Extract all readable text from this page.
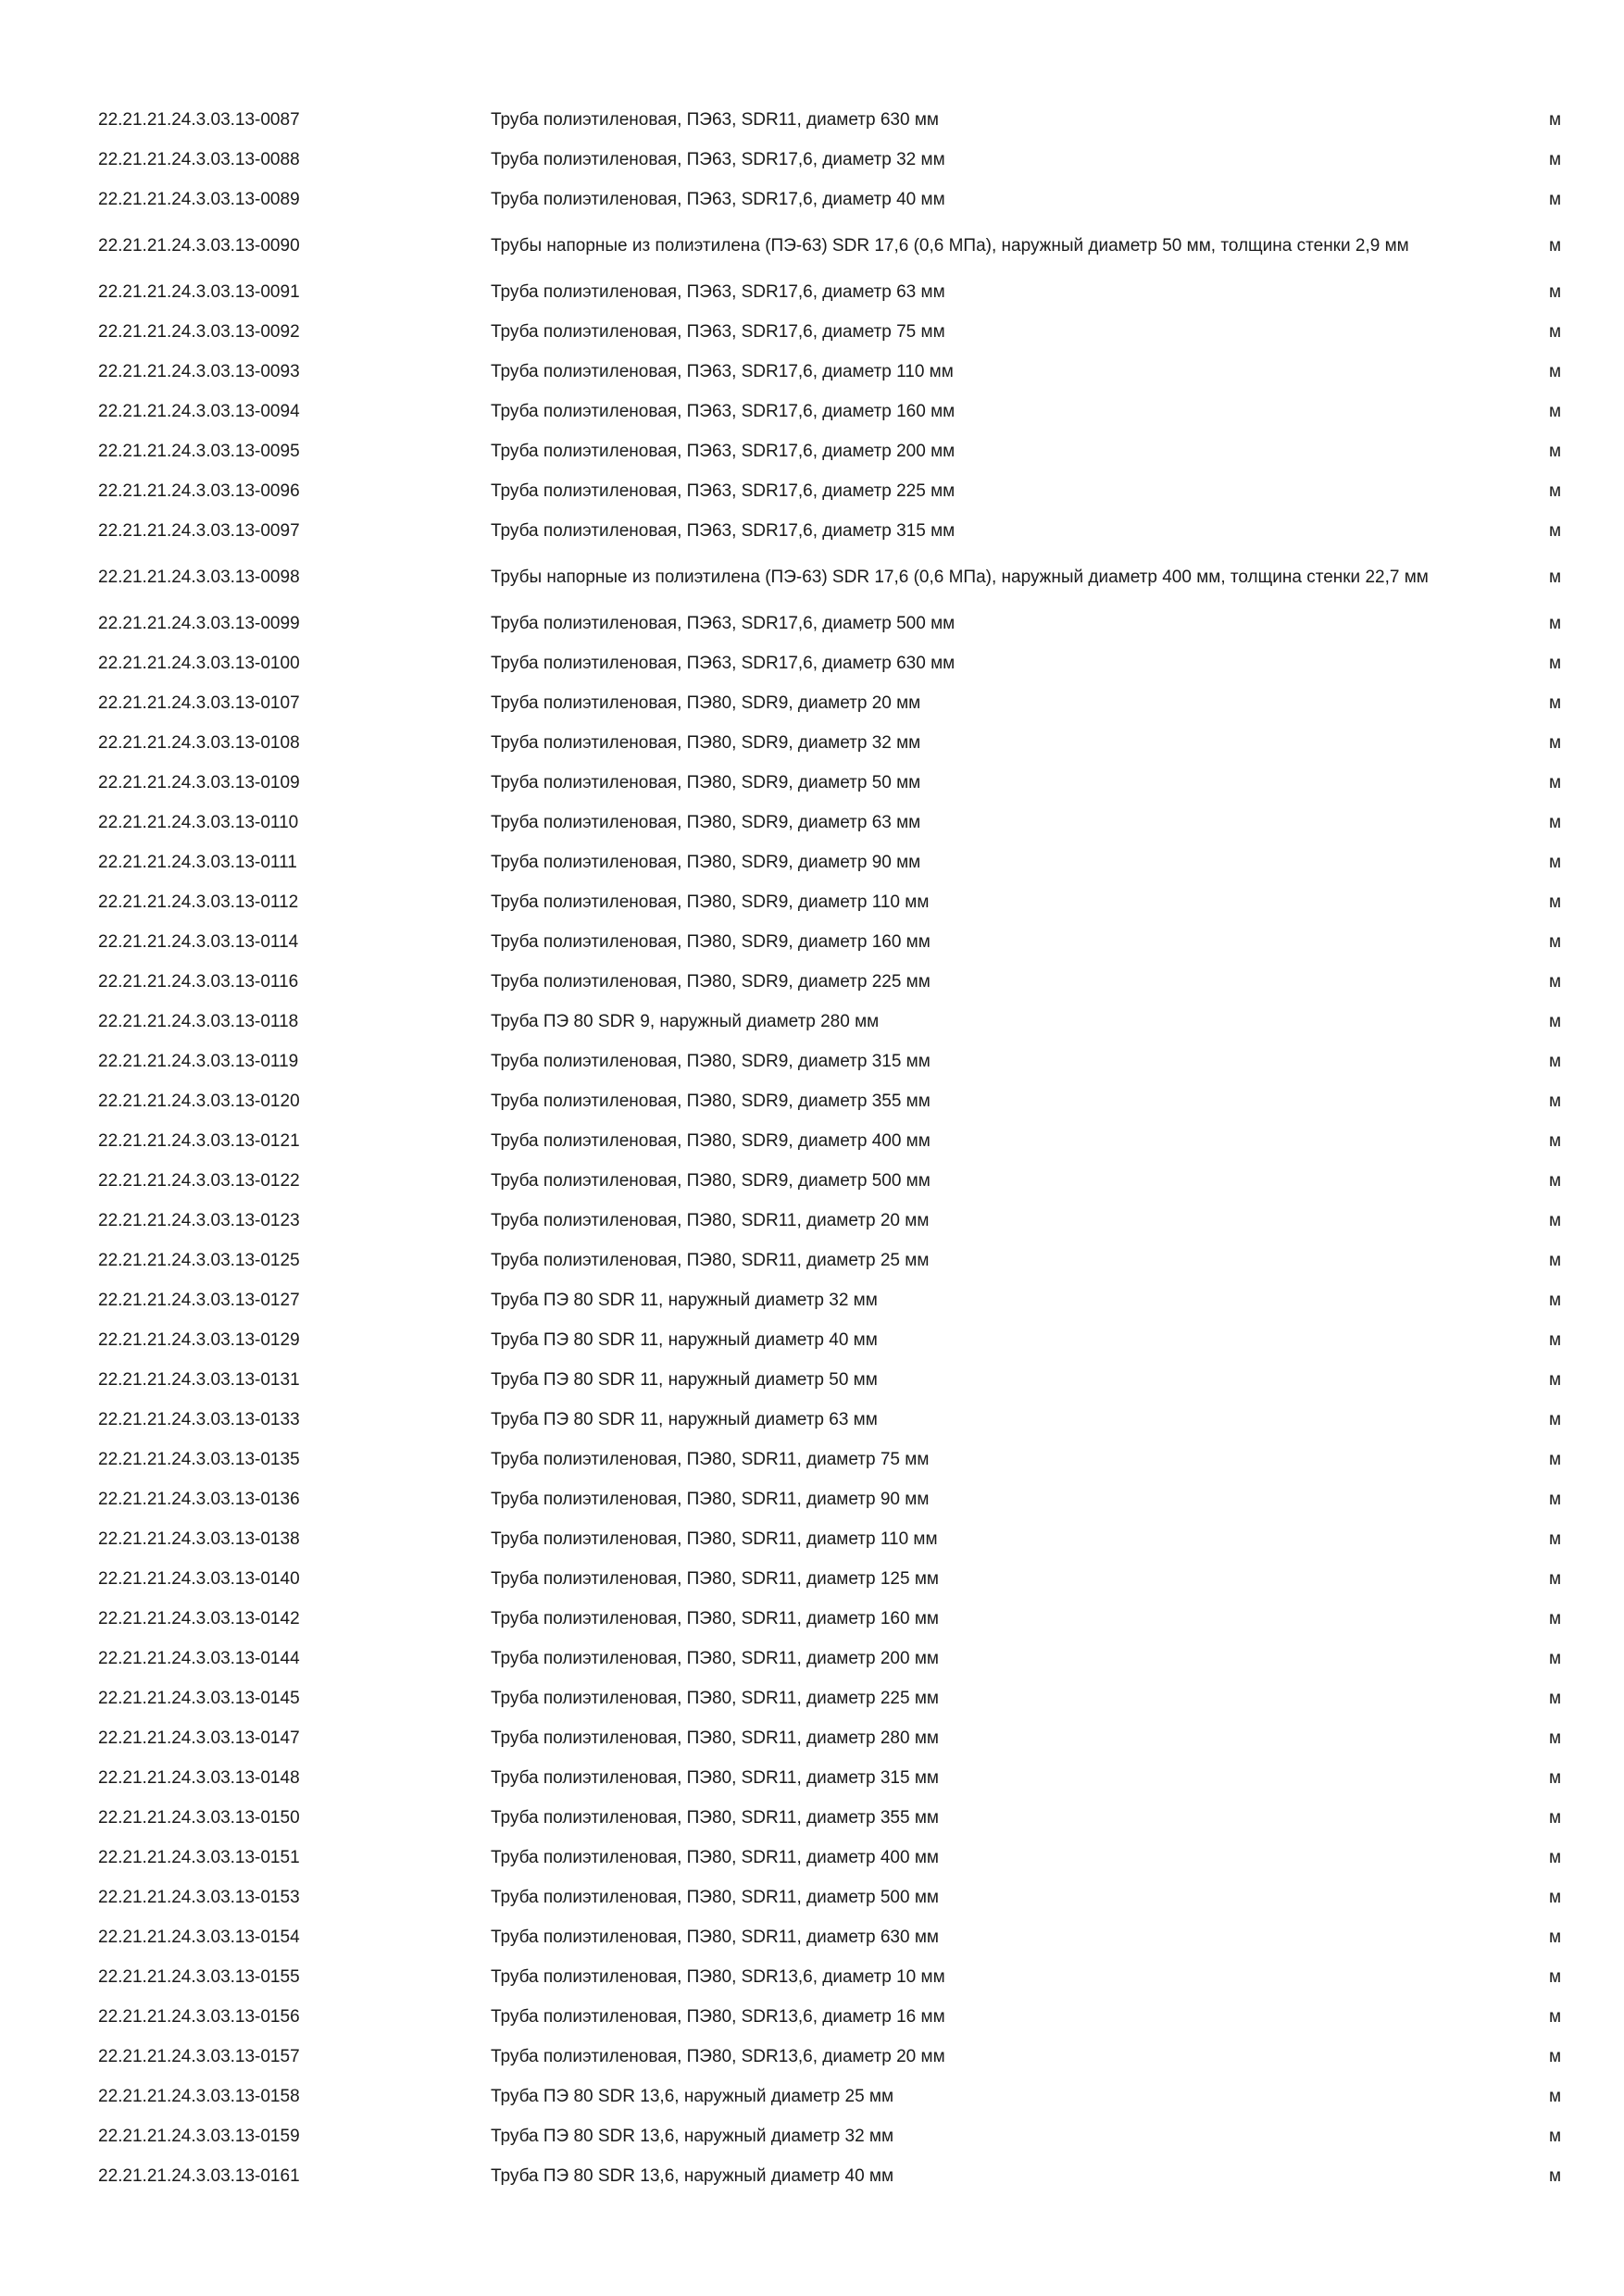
22.21.21.24.3.03.13-0087	Труба полиэтиленовая, ПЭ63, SDR11, диаметр 630 мм	м
22.21.21.24.3.03.13-0088	Труба полиэтиленовая, ПЭ63, SDR17,6, диаметр 32 мм	м
22.21.21.24.3.03.13-0089	Труба полиэтиленовая, ПЭ63, SDR17,6, диаметр 40 мм	м
22.21.21.24.3.03.13-0090	Трубы напорные из полиэтилена (ПЭ-63) SDR 17,6 (0,6 МПа), наружный диаметр 50 мм, толщина стенки 2,9 мм	м
22.21.21.24.3.03.13-0091	Труба полиэтиленовая, ПЭ63, SDR17,6, диаметр 63 мм	м
22.21.21.24.3.03.13-0092	Труба полиэтиленовая, ПЭ63, SDR17,6, диаметр 75 мм	м
22.21.21.24.3.03.13-0093	Труба полиэтиленовая, ПЭ63, SDR17,6, диаметр 110 мм	м
22.21.21.24.3.03.13-0094	Труба полиэтиленовая, ПЭ63, SDR17,6, диаметр 160 мм	м
22.21.21.24.3.03.13-0095	Труба полиэтиленовая, ПЭ63, SDR17,6, диаметр 200 мм	м
22.21.21.24.3.03.13-0096	Труба полиэтиленовая, ПЭ63, SDR17,6, диаметр 225 мм	м
22.21.21.24.3.03.13-0097	Труба полиэтиленовая, ПЭ63, SDR17,6, диаметр 315 мм	м
22.21.21.24.3.03.13-0098	Трубы напорные из полиэтилена (ПЭ-63) SDR 17,6 (0,6 МПа), наружный диаметр 400 мм, толщина стенки 22,7 мм	м
22.21.21.24.3.03.13-0099	Труба полиэтиленовая, ПЭ63, SDR17,6, диаметр 500 мм	м
22.21.21.24.3.03.13-0100	Труба полиэтиленовая, ПЭ63, SDR17,6, диаметр 630 мм	м
22.21.21.24.3.03.13-0107	Труба полиэтиленовая, ПЭ80, SDR9, диаметр 20 мм	м
22.21.21.24.3.03.13-0108	Труба полиэтиленовая, ПЭ80, SDR9, диаметр 32 мм	м
22.21.21.24.3.03.13-0109	Труба полиэтиленовая, ПЭ80, SDR9, диаметр 50 мм	м
22.21.21.24.3.03.13-0110	Труба полиэтиленовая, ПЭ80, SDR9, диаметр 63 мм	м
22.21.21.24.3.03.13-0111	Труба полиэтиленовая, ПЭ80, SDR9, диаметр 90 мм	м
22.21.21.24.3.03.13-0112	Труба полиэтиленовая, ПЭ80, SDR9, диаметр 110 мм	м
22.21.21.24.3.03.13-0114	Труба полиэтиленовая, ПЭ80, SDR9, диаметр 160 мм	м
22.21.21.24.3.03.13-0116	Труба полиэтиленовая, ПЭ80, SDR9, диаметр 225 мм	м
22.21.21.24.3.03.13-0118	Труба ПЭ 80 SDR 9, наружный диаметр 280 мм	м
22.21.21.24.3.03.13-0119	Труба полиэтиленовая, ПЭ80, SDR9, диаметр 315 мм	м
22.21.21.24.3.03.13-0120	Труба полиэтиленовая, ПЭ80, SDR9, диаметр 355 мм	м
22.21.21.24.3.03.13-0121	Труба полиэтиленовая, ПЭ80, SDR9, диаметр 400 мм	м
22.21.21.24.3.03.13-0122	Труба полиэтиленовая, ПЭ80, SDR9, диаметр 500 мм	м
22.21.21.24.3.03.13-0123	Труба полиэтиленовая, ПЭ80, SDR11, диаметр 20 мм	м
22.21.21.24.3.03.13-0125	Труба полиэтиленовая, ПЭ80, SDR11, диаметр 25 мм	м
22.21.21.24.3.03.13-0127	Труба ПЭ 80 SDR 11, наружный диаметр 32 мм	м
22.21.21.24.3.03.13-0129	Труба ПЭ 80 SDR 11, наружный диаметр 40 мм	м
22.21.21.24.3.03.13-0131	Труба ПЭ 80 SDR 11, наружный диаметр 50 мм	м
22.21.21.24.3.03.13-0133	Труба ПЭ 80 SDR 11, наружный диаметр 63 мм	м
22.21.21.24.3.03.13-0135	Труба полиэтиленовая, ПЭ80, SDR11, диаметр 75 мм	м
22.21.21.24.3.03.13-0136	Труба полиэтиленовая, ПЭ80, SDR11, диаметр 90 мм	м
22.21.21.24.3.03.13-0138	Труба полиэтиленовая, ПЭ80, SDR11, диаметр 110 мм	м
22.21.21.24.3.03.13-0140	Труба полиэтиленовая, ПЭ80, SDR11, диаметр 125 мм	м
22.21.21.24.3.03.13-0142	Труба полиэтиленовая, ПЭ80, SDR11, диаметр 160 мм	м
22.21.21.24.3.03.13-0144	Труба полиэтиленовая, ПЭ80, SDR11, диаметр 200 мм	м
22.21.21.24.3.03.13-0145	Труба полиэтиленовая, ПЭ80, SDR11, диаметр 225 мм	м
22.21.21.24.3.03.13-0147	Труба полиэтиленовая, ПЭ80, SDR11, диаметр 280 мм	м
22.21.21.24.3.03.13-0148	Труба полиэтиленовая, ПЭ80, SDR11, диаметр 315 мм	м
22.21.21.24.3.03.13-0150	Труба полиэтиленовая, ПЭ80, SDR11, диаметр 355 мм	м
22.21.21.24.3.03.13-0151	Труба полиэтиленовая, ПЭ80, SDR11, диаметр 400 мм	м
22.21.21.24.3.03.13-0153	Труба полиэтиленовая, ПЭ80, SDR11, диаметр 500 мм	м
22.21.21.24.3.03.13-0154	Труба полиэтиленовая, ПЭ80, SDR11, диаметр 630 мм	м
22.21.21.24.3.03.13-0155	Труба полиэтиленовая, ПЭ80, SDR13,6, диаметр 10 мм	м
22.21.21.24.3.03.13-0156	Труба полиэтиленовая, ПЭ80, SDR13,6, диаметр 16 мм	м
22.21.21.24.3.03.13-0157	Труба полиэтиленовая, ПЭ80, SDR13,6, диаметр 20 мм	м
22.21.21.24.3.03.13-0158	Труба ПЭ 80 SDR 13,6, наружный диаметр 25 мм	м
22.21.21.24.3.03.13-0159	Труба ПЭ 80 SDR 13,6, наружный диаметр 32 мм	м
22.21.21.24.3.03.13-0161	Труба ПЭ 80 SDR 13,6, наружный диаметр 40 мм	м
